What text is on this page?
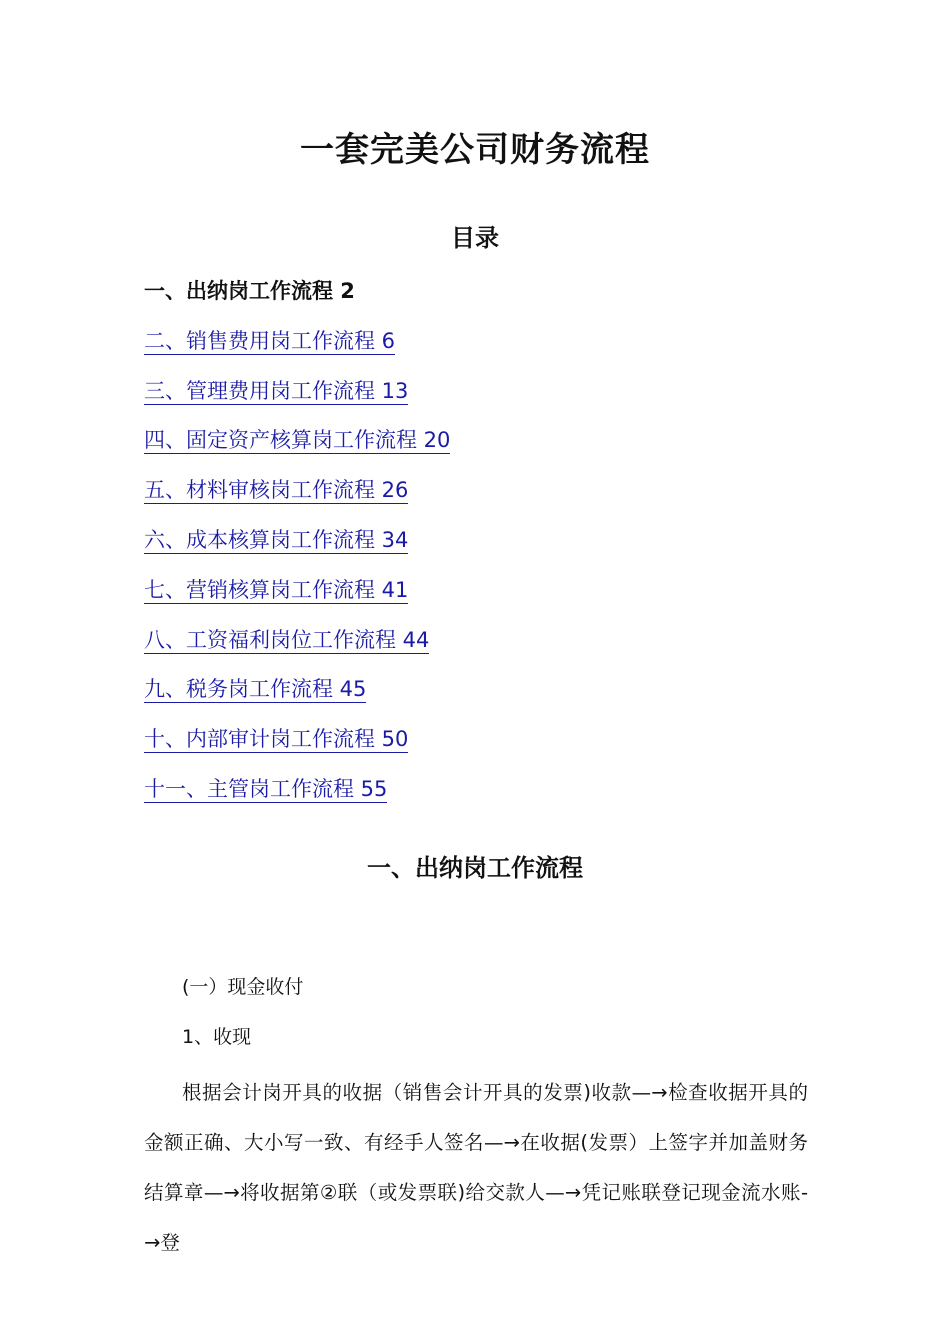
一套完美公司财务流程
目录
一、出纳岗工作流程 2
二、销售费用岗工作流程 6
三、管理费用岗工作流程 13
四、固定资产核算岗工作流程 20
五、材料审核岗工作流程 26
六、成本核算岗工作流程 34
七、营销核算岗工作流程 41
八、工资福利岗位工作流程 44
九、税务岗工作流程 45
十、内部审计岗工作流程 50
十一、主管岗工作流程 55
一、出纳岗工作流程

(一）现金收付

1、收现

根据会计岗开具的收据（销售会计开具的发票)收款—→检查收据开具的金额正确、大小写一致、有经手人签名—→在收据(发票）上签字并加盖财务结算章—→将收据第②联（或发票联)给交款人—→凭记账联登记现金流水账-→登
